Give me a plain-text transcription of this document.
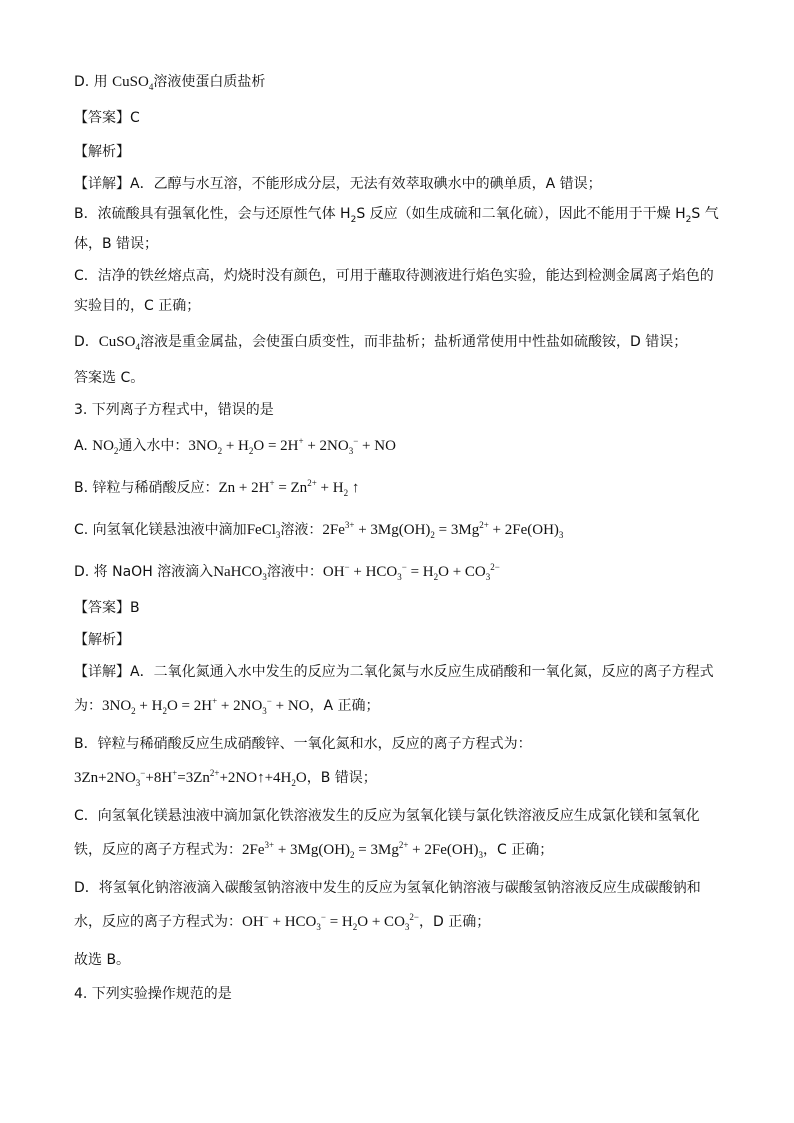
D. 用 CuSO$_4$溶液使蛋白质盐析
【答案】C
【解析】
【详解】A．乙醇与水互溶，不能形成分层，无法有效萃取碘水中的碘单质，A 错误；
B．浓硫酸具有强氧化性，会与还原性气体 $H_2S$ 反应（如生成硫和二氧化硫），因此不能用于干燥 $H_2S$ 气
体，B 错误；
C．洁净的铁丝熔点高，灼烧时没有颜色，可用于蘸取待测液进行焰色实验，能达到检测金属离子焰色的
实验目的，C 正确；
D．CuSO$_4$溶液是重金属盐，会使蛋白质变性，而非盐析；盐析通常使用中性盐如硫酸铵，D 错误；
答案选 C。
3. 下列离子方程式中，错误的是
A. $NO_2$通入水中：$3NO_2 + H_2O = 2H^+ + 2NO_3^-$ + NO
B. 锌粒与稀硝酸反应：$Zn + 2H^+ = Zn^{2+} + H_2$ ↑
C. 向氢氧化镁悬浊液中滴加FeCl$_3$溶液：$2Fe^{3+} + 3Mg(OH)_2 = 3Mg^{2+} + 2Fe(OH)_3$
D. 将 NaOH 溶液滴入NaHCO$_3$溶液中：$OH^- + HCO_3^- = H_2O + CO_3^{2-}$
【答案】B
【解析】
【详解】A．二氧化氮通入水中发生的反应为二氧化氮与水反应生成硝酸和一氧化氮，反应的离子方程式
为：$3NO_2 + H_2O = 2H^+ + 2NO_3^-$ + NO，A 正确；
B．锌粒与稀硝酸反应生成硝酸锌、一氧化氮和水，反应的离子方程式为：
$3Zn+2NO_3^-+8H^+=3Zn^{2+}+2NO↑+4H_2O$，B 错误；
C．向氢氧化镁悬浊液中滴加氯化铁溶液发生的反应为氢氧化镁与氯化铁溶液反应生成氯化镁和氢氧化
铁，反应的离子方程式为：$2Fe^{3+} + 3Mg(OH)_2 = 3Mg^{2+} + 2Fe(OH)_3$，C 正确；
D．将氢氧化钠溶液滴入碳酸氢钠溶液中发生的反应为氢氧化钠溶液与碳酸氢钠溶液反应生成碳酸钠和
水，反应的离子方程式为：$OH^- + HCO_3^- = H_2O + CO_3^{2-}$，D 正确；
故选 B。
4. 下列实验操作规范的是
